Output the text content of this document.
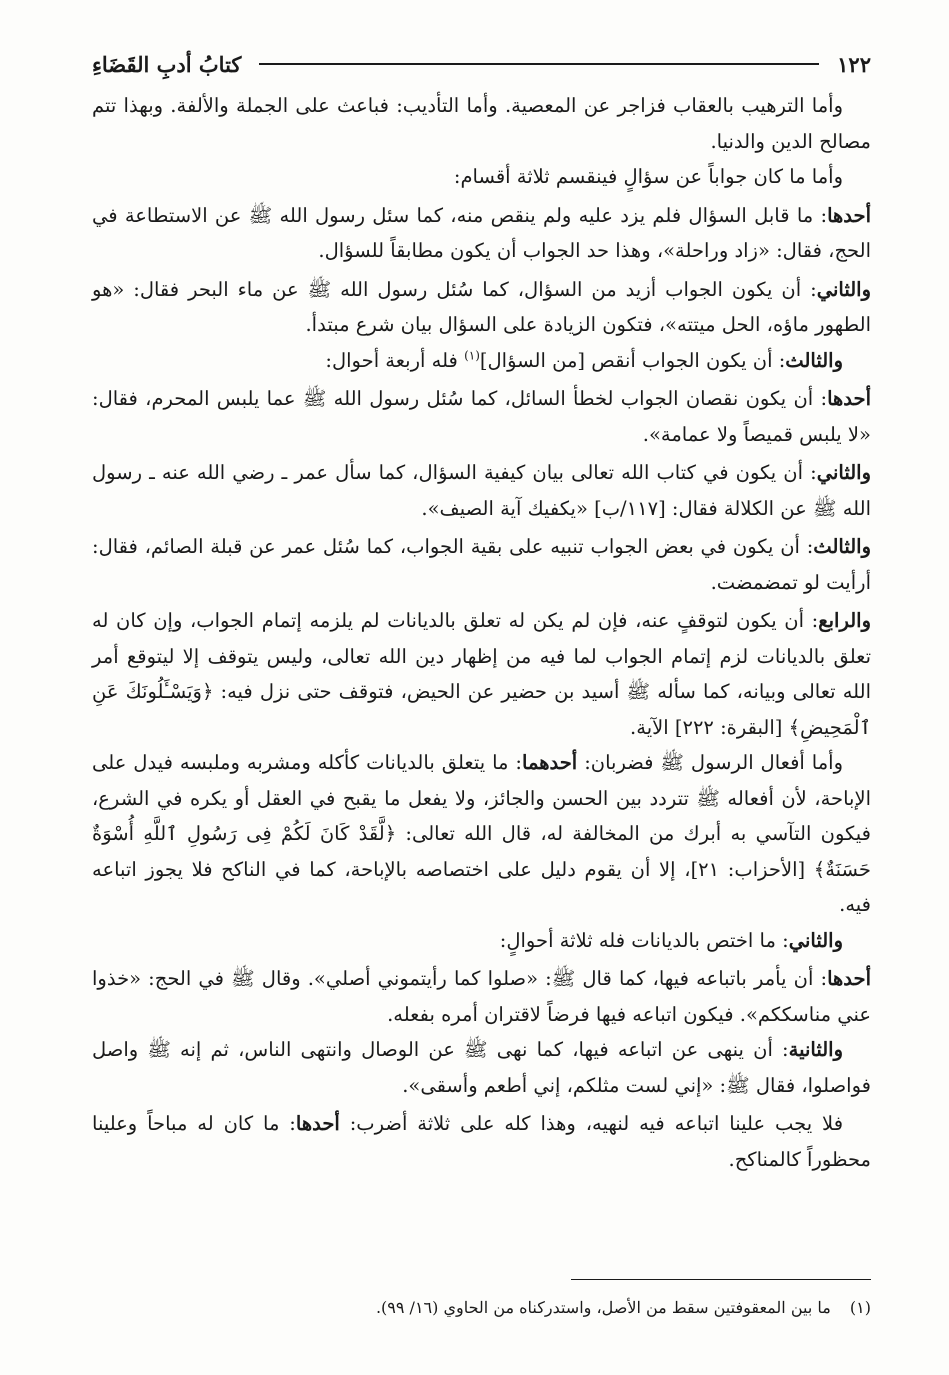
١٢٢
كتابُ أدبِ القَضَاءِ

وأما الترهيب بالعقاب فزاجر عن المعصية. وأما التأديب: فباعث على الجملة والألفة. وبهذا تتم مصالح الدين والدنيا.

وأما ما كان جواباً عن سؤالٍ فينقسم ثلاثة أقسام:

أحدها: ما قابل السؤال فلم يزد عليه ولم ينقص منه، كما سئل رسول الله ﷺ عن الاستطاعة في الحج، فقال: «زاد وراحلة»، وهذا حد الجواب أن يكون مطابقاً للسؤال.

والثاني: أن يكون الجواب أزيد من السؤال، كما سُئل رسول الله ﷺ عن ماء البحر فقال: «هو الطهور ماؤه، الحل ميتته»، فتكون الزيادة على السؤال بيان شرع مبتدأ.

والثالث: أن يكون الجواب أنقص [من السؤال]$^{(١)}$ فله أربعة أحوال:

أحدها: أن يكون نقصان الجواب لخطأ السائل، كما سُئل رسول الله ﷺ عما يلبس المحرم، فقال: «لا يلبس قميصاً ولا عمامة».

والثاني: أن يكون في كتاب الله تعالى بيان كيفية السؤال، كما سأل عمر ـ رضي الله عنه ـ رسول الله ﷺ عن الكلالة فقال: [١١٧/ب] «يكفيك آية الصيف».

والثالث: أن يكون في بعض الجواب تنبيه على بقية الجواب، كما سُئل عمر عن قبلة الصائم، فقال: أرأيت لو تمضمضت.

والرابع: أن يكون لتوقفٍ عنه، فإن لم يكن له تعلق بالديانات لم يلزمه إتمام الجواب، وإن كان له تعلق بالديانات لزم إتمام الجواب لما فيه من إظهار دين الله تعالى، وليس يتوقف إلا ليتوقع أمر الله تعالى وبيانه، كما سأله ﷺ أسيد بن حضير عن الحيض، فتوقف حتى نزل فيه: ﴿وَيَسْـَٔلُونَكَ عَنِ ٱلْمَحِيضِ﴾ [البقرة: ٢٢٢] الآية.

وأما أفعال الرسول ﷺ فضربان: أحدهما: ما يتعلق بالديانات كأكله ومشربه وملبسه فيدل على الإباحة، لأن أفعاله ﷺ تتردد بين الحسن والجائز، ولا يفعل ما يقبح في العقل أو يكره في الشرع، فيكون التآسي به أبرك من المخالفة له، قال الله تعالى: ﴿لَّقَدْ كَانَ لَكُمْ فِى رَسُولِ ٱللَّهِ أُسْوَةٌ حَسَنَةٌ﴾ [الأحزاب: ٢١]، إلا أن يقوم دليل على اختصاصه بالإباحة، كما في الناكح فلا يجوز اتباعه فيه.

والثاني: ما اختص بالديانات فله ثلاثة أحوالٍ:

أحدها: أن يأمر باتباعه فيها، كما قال ﷺ: «صلوا كما رأيتموني أصلي». وقال ﷺ في الحج: «خذوا عني مناسككم». فيكون اتباعه فيها فرضاً لاقتران أمره بفعله.

والثانية: أن ينهى عن اتباعه فيها، كما نهى ﷺ عن الوصال وانتهى الناس، ثم إنه ﷺ واصل فواصلوا، فقال ﷺ: «إني لست مثلكم، إني أطعم وأسقى».

فلا يجب علينا اتباعه فيه لنهيه، وهذا كله على ثلاثة أضرب: أحدها: ما كان له مباحاً وعلينا محظوراً كالمناكح.

(١) ما بين المعقوفتين سقط من الأصل، واستدركناه من الحاوي (١٦/ ٩٩).
